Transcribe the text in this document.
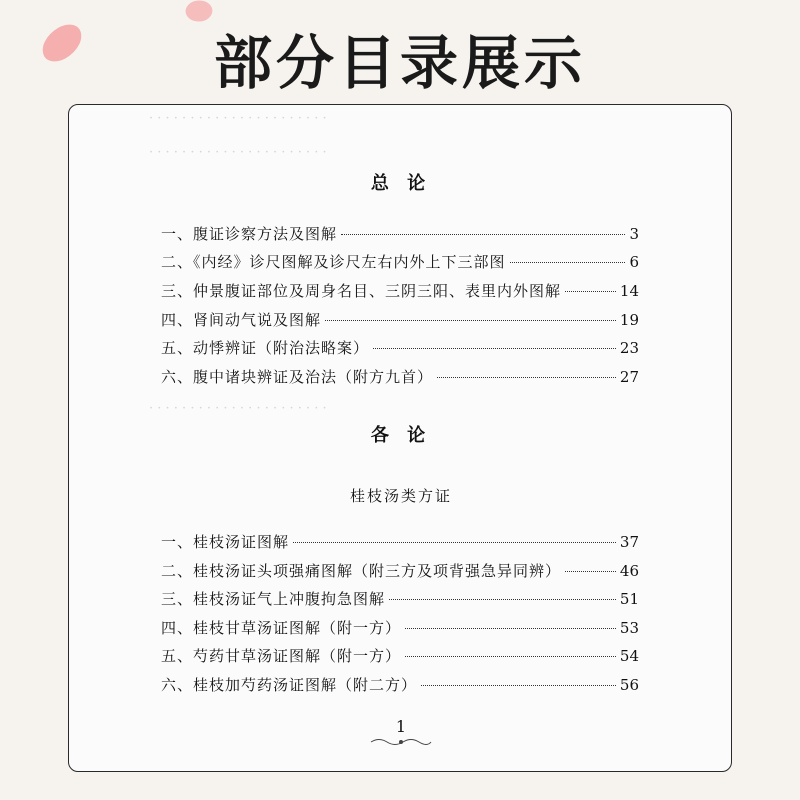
部分目录展示
· · · · · · · · · · · · · · · · · · · · · ·
· · · · · · · · · · · · · · · · · · · · · ·
总 论
一、腹证诊察方法及图解	3
二、《内经》诊尺图解及诊尺左右内外上下三部图	6
三、仲景腹证部位及周身名目、三阴三阳、表里内外图解	14
四、肾间动气说及图解	19
五、动悸辨证（附治法略案）	23
六、腹中诸块辨证及治法（附方九首）	27
· · · · · · · · · · · · · · · · · · · · · ·
各 论
桂枝汤类方证
一、桂枝汤证图解	37
二、桂枝汤证头项强痛图解（附三方及项背强急异同辨）	46
三、桂枝汤证气上冲腹拘急图解	51
四、桂枝甘草汤证图解（附一方）	53
五、芍药甘草汤证图解（附一方）	54
六、桂枝加芍药汤证图解（附二方）	56
1
